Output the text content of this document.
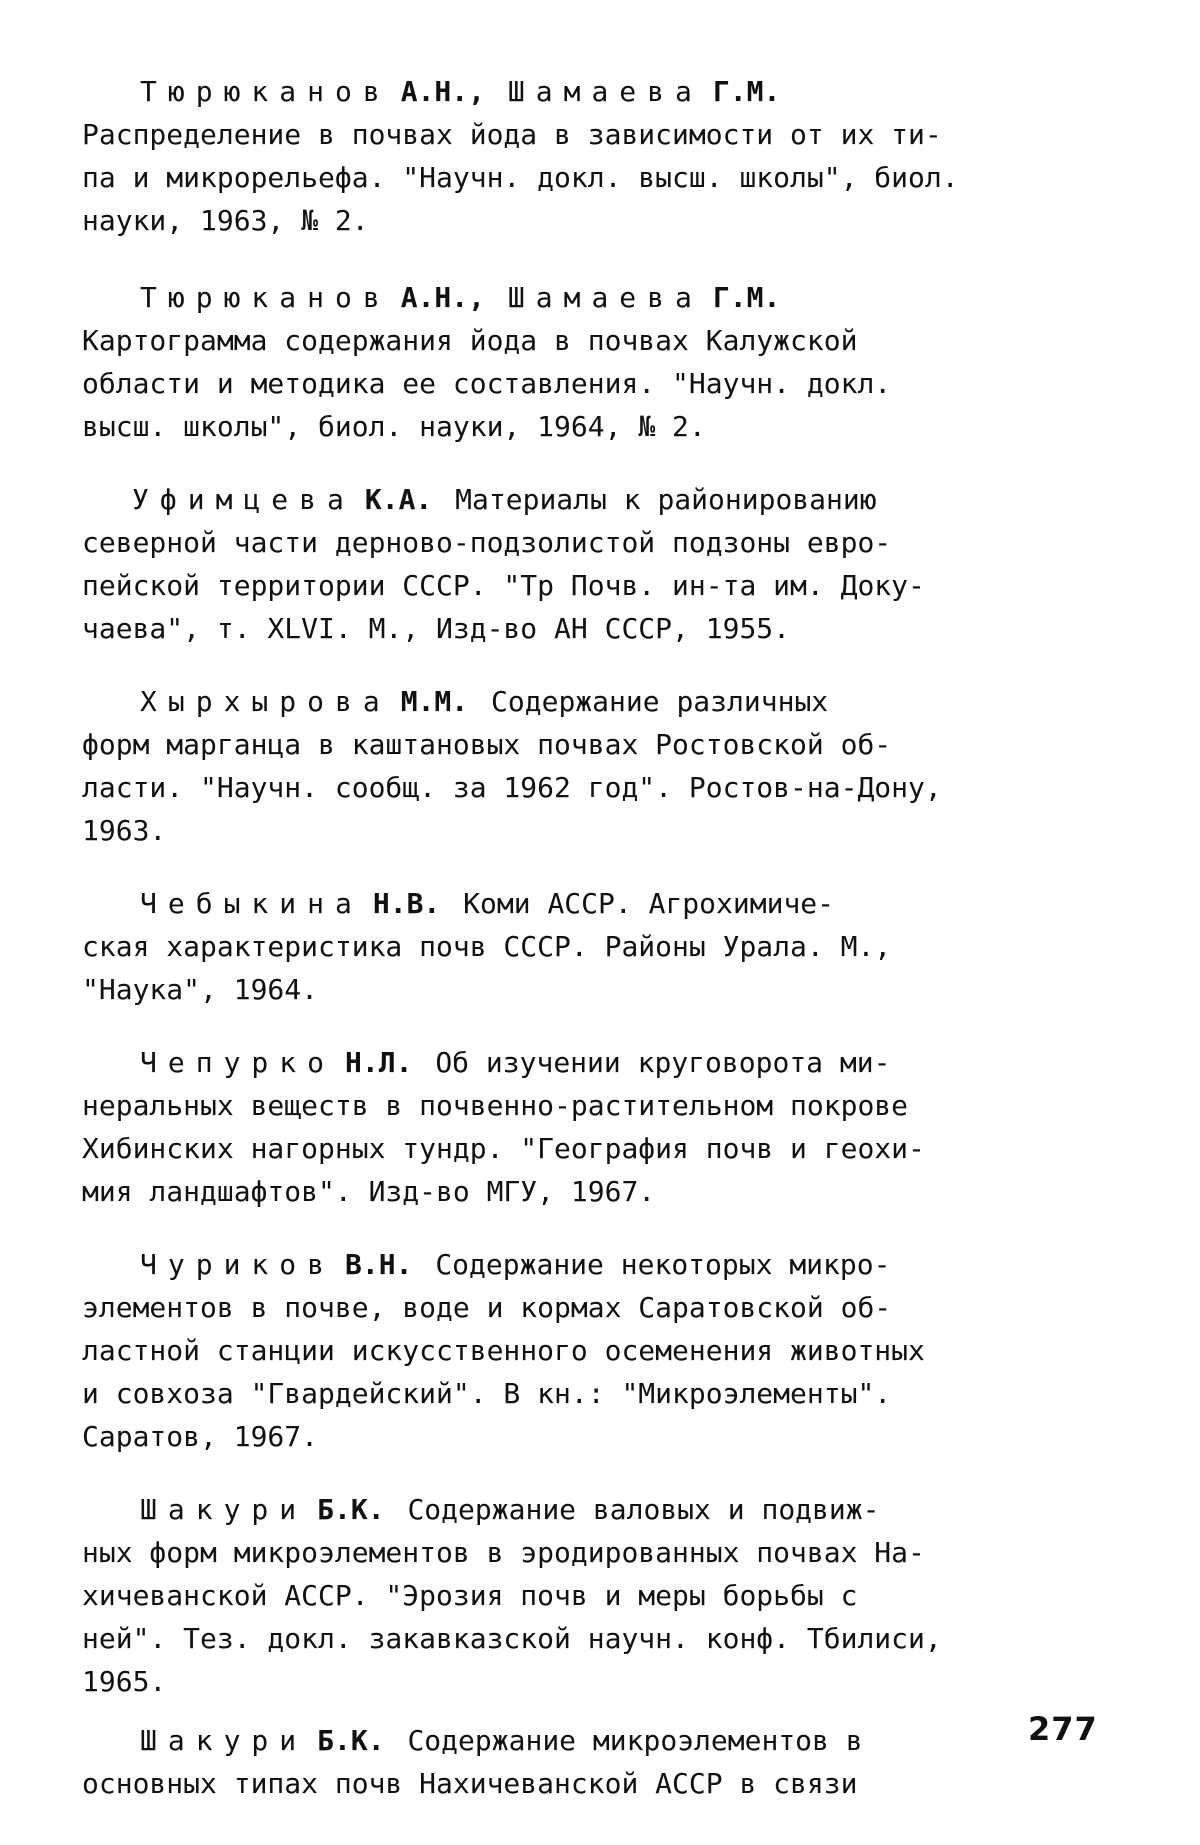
Тюрюканов А.Н., Шамаева Г.М.
Распределение в почвах йода в зависимости от их ти-
па и микрорельефа. "Научн. докл. высш. школы", биол.
науки, 1963, № 2.
Тюрюканов А.Н., Шамаева Г.М.
Картограмма содержания йода в почвах Калужской
области и методика ее составления. "Научн. докл.
высш. школы", биол. науки, 1964, № 2.
Уфимцева К.А. Материалы к районированию
северной части дерново-подзолистой подзоны евро-
пейской территории СССР. "Тр Почв. ин-та им. Доку-
чаева", т. XLVI. М., Изд-во АН СССР, 1955.
Хырхырова М.М. Содержание различных
форм марганца в каштановых почвах Ростовской об-
ласти. "Научн. сообщ. за 1962 год". Ростов-на-Дону,
1963.
Чебыкина Н.В. Коми АССР. Агрохимиче-
ская характеристика почв СССР. Районы Урала. М.,
"Наука", 1964.
Чепурко Н.Л. Об изучении круговорота ми-
неральных веществ в почвенно-растительном покрове
Хибинских нагорных тундр. "География почв и геохи-
мия ландшафтов". Изд-во МГУ, 1967.
Чуриков В.Н. Содержание некоторых микро-
элементов в почве, воде и кормах Саратовской об-
ластной станции искусственного осеменения животных
и совхоза "Гвардейский". В кн.: "Микроэлементы".
Саратов, 1967.
Шакури Б.К. Содержание валовых и подвиж-
ных форм микроэлементов в эродированных почвах На-
хичеванской АССР. "Эрозия почв и меры борьбы с
ней". Тез. докл. закавказской научн. конф. Тбилиси,
1965.
Шакури Б.К. Содержание микроэлементов в
основных типах почв Нахичеванской АССР в связи
277
